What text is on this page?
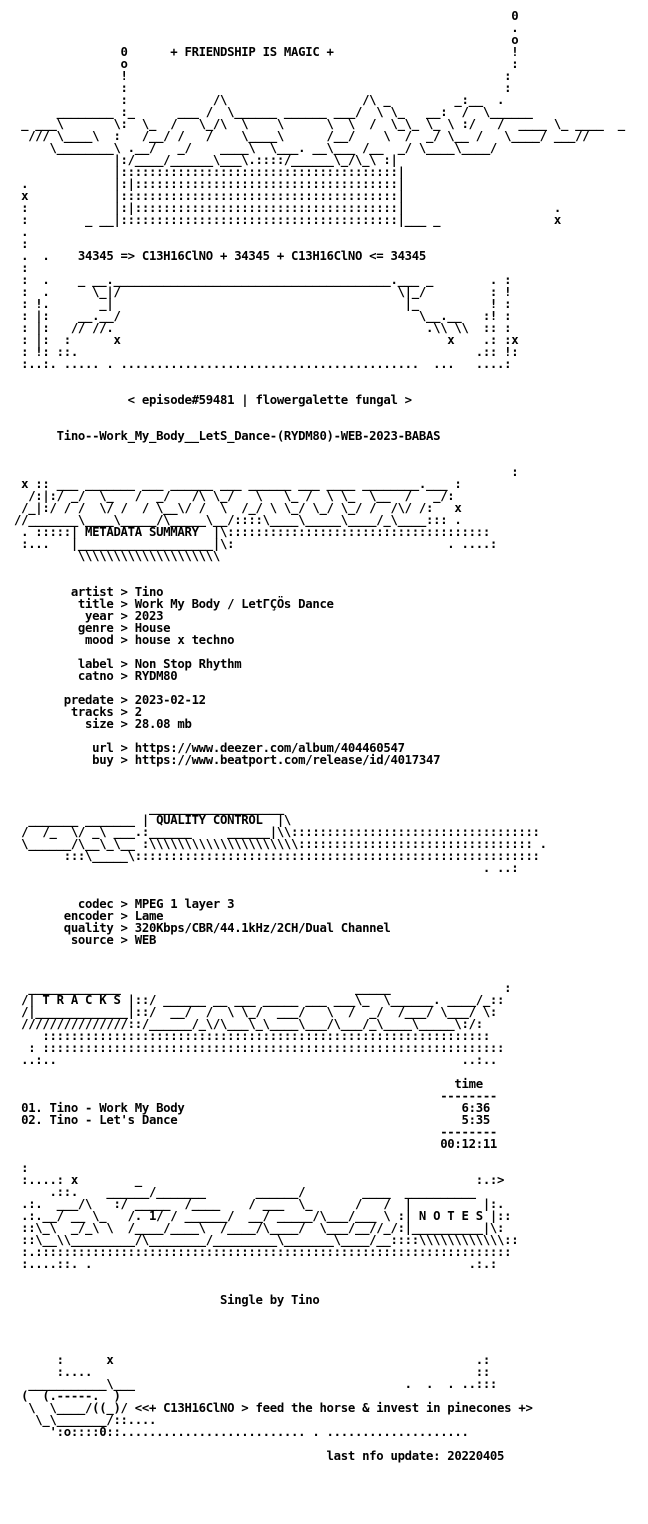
0
.
o
0      + FRIENDSHIP IS MAGIC +                         !
o                                                      :
!                                                     :
:                                                     :
:            /\                   /\ _         _:__  .
________ :_      ___ /  \______ ______ ___/  \ \_   __:  /  \______
_ ___\       \:  \_  /   \_/\  \    \      \  \  /  \_\_ \_ \ :/   /  ____ \_ ____  _
/// \____\  :   /__/ /   /    \____\      /__/    \  /  _/ \__ /   \____/ ___//
\________\ .__/   _/    ____\  \___. __\___ /__  _/ \____\____/
|:/____/______\___\.::::/______\_/\_\ :|
|:::::::::::::::::::::::::::::::::::::::|
.            |:|:::::::::::::::::::::::::::::::::::::|
x            |:::::::::::::::::::::::::::::::::::::::|
:            |:|:::::::::::::::::::::::::::::::::::::|                     .
:        _ __|:::::::::::::::::::::::::::::::::::::::|___ _                x
.
:
.  .    34345 => C13H16ClNO + 34345 + C13H16ClNO <= 34345
:
:  .    _ __._______________________________________.___ _        . :
:  .      \_|/                                       \|_/         : !
: !.       _|                                         |_          ! :
: |:    __.__/                                          \__.__   :! :
: |:   // //.                                            .\\ \\  :: :
: |:  :      x                                              x    .: :x
: !: ::.                                                        .:: !:
:..:. ..... . ..........................................  ...   ....:
< episode#59481 | flowergalette fungal >
Tino--Work_My_Body__LetS_Dance-(RYDM80)-WEB-2023-BABAS
:
x :: ___ _______ ___ ______ ___ ______ ___ ____ ________.___ :
/:|:/ _/  \_   /  _/   /\ \_/   \   \_ /  \ \_  \__  /   _/:
/_|:/ / /  \/ /  / \__\/ /  \  /_/ \ \_/ \_/ \_/ /  /\/ /:   x
//_______\____\_____/\_____\__/::::\____\_____\____/_\____::: .
. :::::| METADATA SUMMARY  |\:::::::::::::::::::::::::::::::::::::
:...   |___________________|\:                              . ....:
\\\\\\\\\\\\\\\\\\\\
artist > Tino
title > Work My Body / LetΓÇÖs Dance
year > 2023
genre > House
mood > house x techno
label > Non Stop Rhythm
catno > RYDM80
predate > 2023-02-12
tracks > 2
size > 28.08 mb
url > https://www.deezer.com/album/404460547
buy > https://www.beatport.com/release/id/4017347
___________________
_______ _______ | QUALITY CONTROL  |\
/  /_  \/ _\ ___.:______     ______|\\:::::::::::::::::::::::::::::::::::
\______/\__\_\__ :\\\\\\\\\\\\\\\\\\\\\::::::::::::::::::::::::::::::::: .
:::\_____\:::::::::::::::::::::::::::::::::::::::::::::::::::::::::
. ..:
codec > MPEG 1 layer 3
encoder > Lame
quality > 320Kbps/CBR/44.1kHz/2CH/Dual Channel
source > WEB
_____________                                 _____                :
/| T R A C K S |::/ ______ __ ___ _____ ___ ___\_  \______. ____/_::
/|_____________|::/  __/  /  \ \_/  ___/   \  /  _/  /___/ \___/ \:
///////////////::/______/_\/\___\_\____\___/\___/_\____\_____\:/:
:::::::::::::::::::::::::::::::::::::::::::::::::::::::::::::::
: :::::::::::::::::::::::::::::::::::::::::::::::::::::::::::::::::
..:..                                                         ..:..
time
--------
01. Tino - Work My Body                                       6:36
02. Tino - Let's Dance                                        5:35
--------
00:12:11
:
:....: x        _                                               :.:>
.::.    ______/_______       ______/        ____  __________
.:.  ___/\   :/ _____  /____    / ___  \_      /   /  |          |:.
.:.__/ __ \_   /. 1/ / ______/  __/ _____/\___/___ \ :| N O T E S |::
::\_\  _/_\ \  /____/____\  /____/\____/  \___/__//_/:|__________|\:
::\__\\_________/\________/_________\_______\____/__::::\\\\\\\\\\\\::
:.:::::::::::::::::::::::::::::::::::::::::::::::::::::::::::::::::::
:....::. .                                                     .:.:
Single by Tino
:      x                                                   .:
:....                                                      ::
___________\___                                      .  .  . ..:::
(  (.-----.  )
\  \____/((_)/ <<+ C13H16ClNO > feed the horse & invest in pinecones +>
\_\_______/::....
':o::::0::.......................... . ....................
last nfo update: 20220405
